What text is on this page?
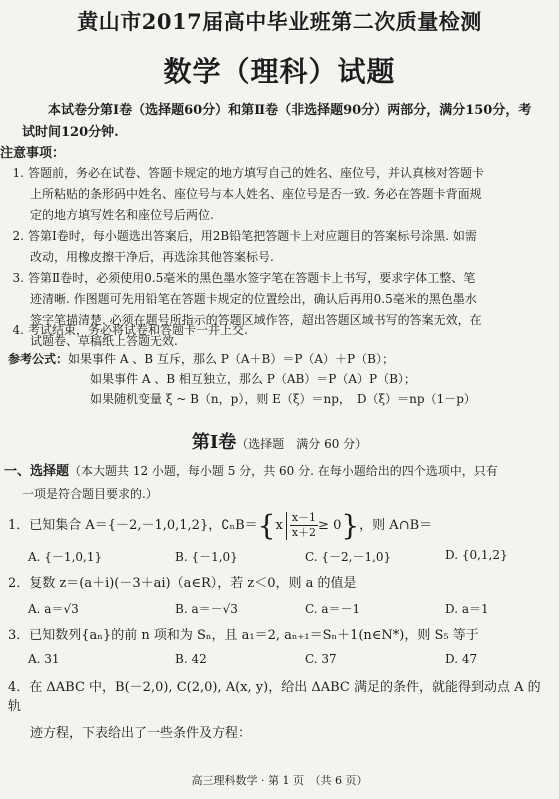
黄山市2017届高中毕业班第二次质量检测
数学（理科）试题
本试卷分第Ⅰ卷（选择题60分）和第Ⅱ卷（非选择题90分）两部分，满分150分，考试时间120分钟.
注意事项：
1. 答题前，务必在试卷、答题卡规定的地方填写自己的姓名、座位号，并认真核对答题卡
上所粘贴的条形码中姓名、座位号与本人姓名、座位号是否一致. 务必在答题卡背面规
定的地方填写姓名和座位号后两位.
2. 答第Ⅰ卷时，每小题选出答案后，用2B铅笔把答题卡上对应题目的答案标号涂黑. 如需
改动，用橡皮擦干净后，再选涂其他答案标号.
3. 答第Ⅱ卷时，必须使用0.5毫米的黑色墨水签字笔在答题卡上书写，要求字体工整、笔
迹清晰. 作图题可先用铅笔在答题卡规定的位置绘出，确认后再用0.5毫米的黑色墨水
签字笔描清楚. 必须在题号所指示的答题区域作答，超出答题区域书写的答案无效，在
试题卷、草稿纸上答题无效.
4. 考试结束，务必将试卷和答题卡一并上交.
参考公式：如果事件 A 、B 互斥，那么 P（A＋B）＝P（A）＋P（B）；
如果事件 A 、B 相互独立，那么 P（AB）＝P（A）P（B）；
如果随机变量 ξ ~ B（n，p），则 E（ξ）＝np，　D（ξ）＝np（1－p）
第Ⅰ卷（选择题　满分 60 分）
一、选择题（本大题共 12 小题，每小题 5 分，共 60 分. 在每小题给出的四个选项中，只有
一项是符合题目要求的.）
1．已知集合 A＝{－2,－1,0,1,2}，∁ₙB＝{x $\frac{x-1}{x+2} \ge 0$}，则 A∩B＝
A. {－1,0,1}	B. {－1,0}	C. {－2,－1,0}	D. {0,1,2}
2．复数 z＝(a＋i)(－3＋ai)（a∈R），若 z＜0，则 a 的值是
A. a＝√3	B. a＝－√3	C. a＝－1	D. a＝1
3．已知数列{aₙ}的前 n 项和为 Sₙ，且 a₁＝2, aₙ₊₁＝Sₙ＋1(n∈N*)，则 S₅ 等于
A. 31	B. 42	C. 37	D. 47
4．在 ΔABC 中，B(－2,0), C(2,0), A(x, y)，给出 ΔABC 满足的条件，就能得到动点 A 的轨
迹方程，下表给出了一些条件及方程：
高三理科数学 · 第 1 页　（共 6 页）
